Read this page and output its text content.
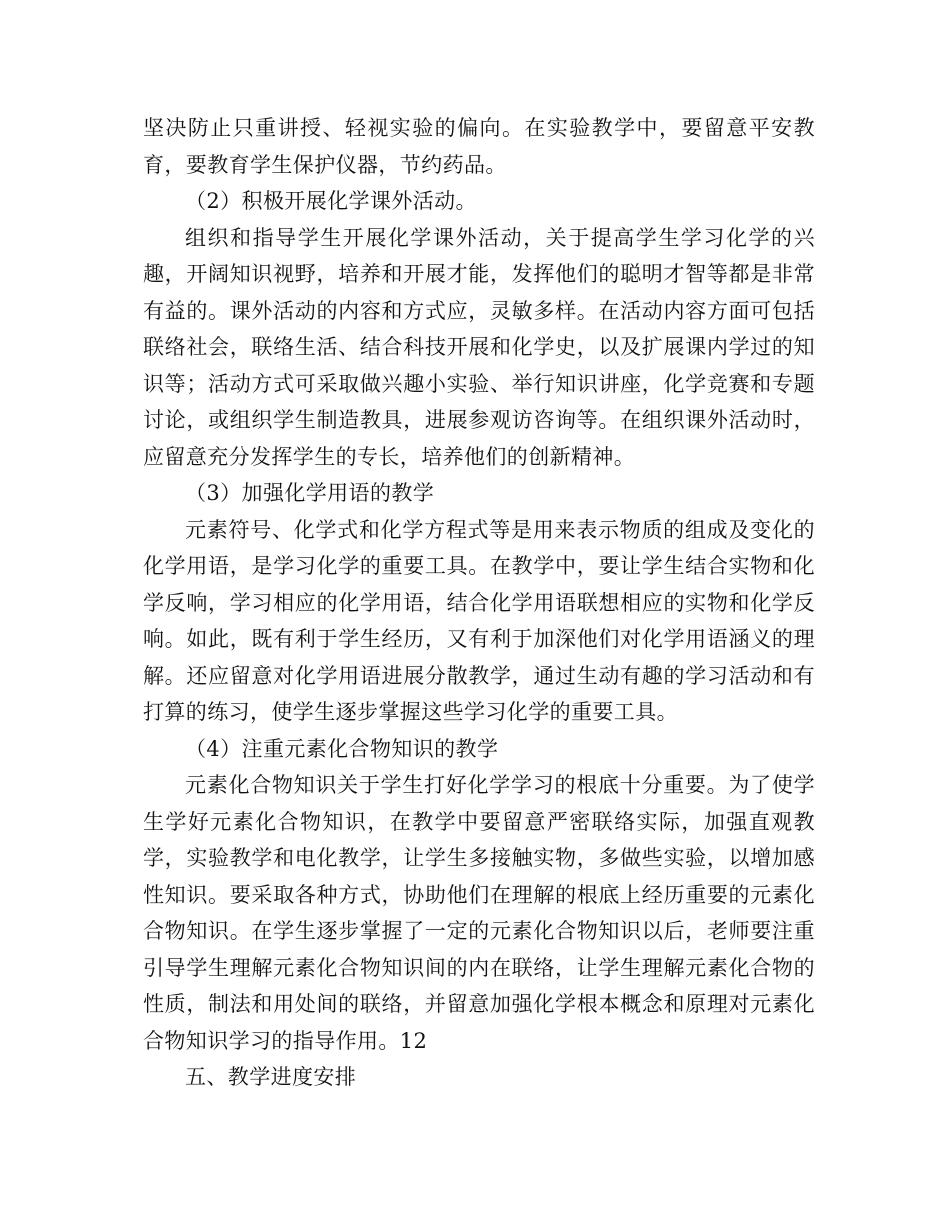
坚决防止只重讲授、轻视实验的偏向。在实验教学中，要留意平安教育，要教育学生保护仪器，节约药品。

（2）积极开展化学课外活动。

组织和指导学生开展化学课外活动，关于提高学生学习化学的兴趣，开阔知识视野，培养和开展才能，发挥他们的聪明才智等都是非常有益的。课外活动的内容和方式应，灵敏多样。在活动内容方面可包括联络社会，联络生活、结合科技开展和化学史，以及扩展课内学过的知识等；活动方式可采取做兴趣小实验、举行知识讲座，化学竞赛和专题讨论，或组织学生制造教具，进展参观访咨询等。在组织课外活动时，应留意充分发挥学生的专长，培养他们的创新精神。

（3）加强化学用语的教学

元素符号、化学式和化学方程式等是用来表示物质的组成及变化的化学用语，是学习化学的重要工具。在教学中，要让学生结合实物和化学反响，学习相应的化学用语，结合化学用语联想相应的实物和化学反响。如此，既有利于学生经历，又有利于加深他们对化学用语涵义的理解。还应留意对化学用语进展分散教学，通过生动有趣的学习活动和有打算的练习，使学生逐步掌握这些学习化学的重要工具。

（4）注重元素化合物知识的教学

元素化合物知识关于学生打好化学学习的根底十分重要。为了使学生学好元素化合物知识，在教学中要留意严密联络实际，加强直观教学，实验教学和电化教学，让学生多接触实物，多做些实验，以增加感性知识。要采取各种方式，协助他们在理解的根底上经历重要的元素化合物知识。在学生逐步掌握了一定的元素化合物知识以后，老师要注重引导学生理解元素化合物知识间的内在联络，让学生理解元素化合物的性质，制法和用处间的联络，并留意加强化学根本概念和原理对元素化合物知识学习的指导作用。12

五、教学进度安排
